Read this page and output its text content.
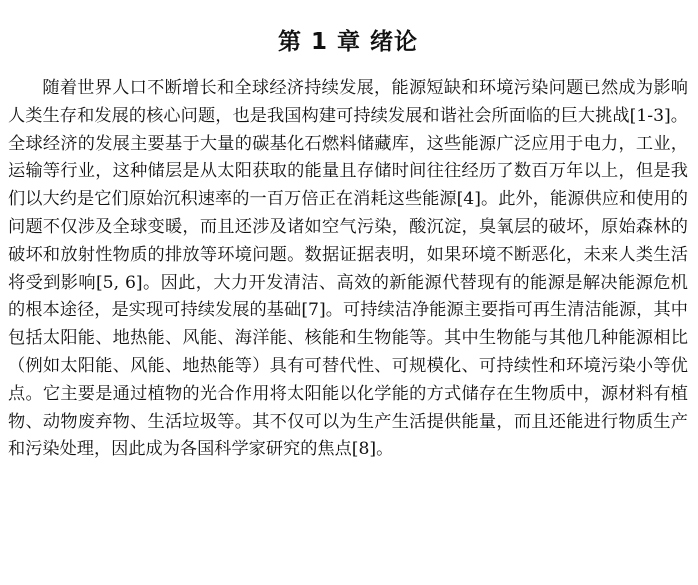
第 1 章 绪论

随着世界人口不断增长和全球经济持续发展，能源短缺和环境污染问题已然成为影响人类生存和发展的核心问题，也是我国构建可持续发展和谐社会所面临的巨大挑战[1-3]。全球经济的发展主要基于大量的碳基化石燃料储藏库，这些能源广泛应用于电力，工业，运输等行业，这种储层是从太阳获取的能量且存储时间往往经历了数百万年以上，但是我们以大约是它们原始沉积速率的一百万倍正在消耗这些能源[4]。此外，能源供应和使用的问题不仅涉及全球变暖，而且还涉及诸如空气污染，酸沉淀，臭氧层的破坏，原始森林的破坏和放射性物质的排放等环境问题。数据证据表明，如果环境不断恶化，未来人类生活将受到影响[5, 6]。因此，大力开发清洁、高效的新能源代替现有的能源是解决能源危机的根本途径，是实现可持续发展的基础[7]。可持续洁净能源主要指可再生清洁能源，其中包括太阳能、地热能、风能、海洋能、核能和生物能等。其中生物能与其他几种能源相比（例如太阳能、风能、地热能等）具有可替代性、可规模化、可持续性和环境污染小等优点。它主要是通过植物的光合作用将太阳能以化学能的方式储存在生物质中，源材料有植物、动物废弃物、生活垃圾等。其不仅可以为生产生活提供能量，而且还能进行物质生产和污染处理，因此成为各国科学家研究的焦点[8]。
